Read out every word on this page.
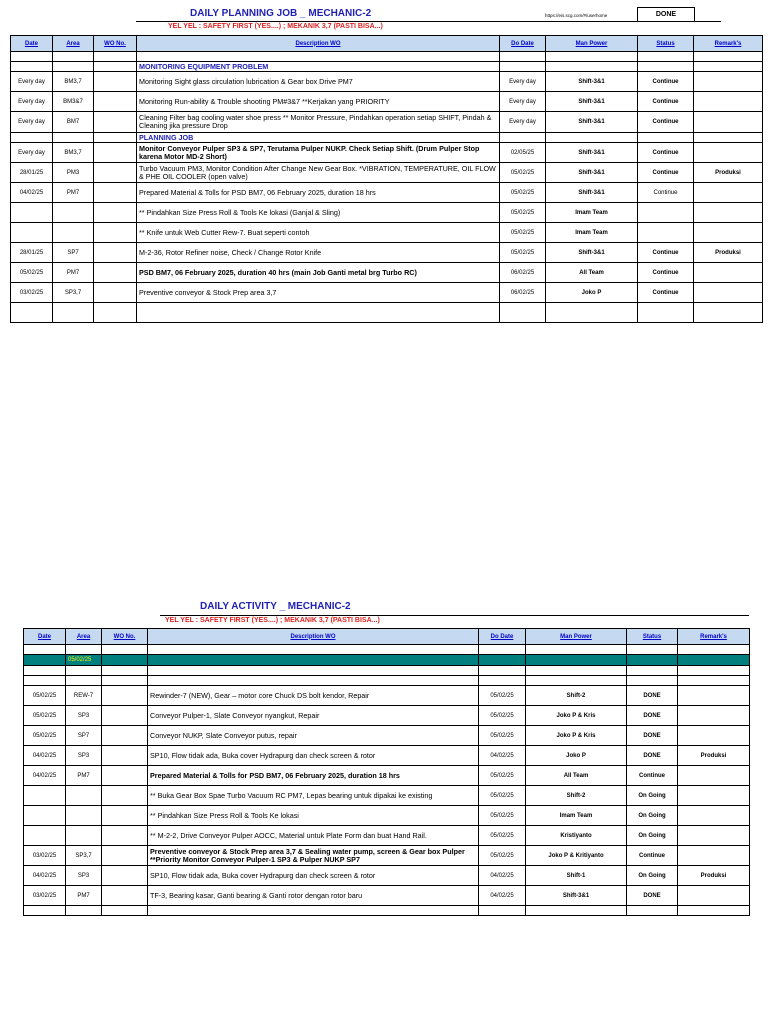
DAILY PLANNING JOB _ MECHANIC-2
YEL YEL : SAFETY FIRST (YES....) ; MEKANIK 3,7 (PASTI BISA...)
https://eis.scg.com/#/userhome	DONE
Date	Area	WO No.	Description WO	Do Date	Man Power	Status	Remark's

			MONITORING EQUIPMENT PROBLEM				
Every day	BM3,7		Monitoring Sight glass circulation lubrication & Gear box Drive PM7	Every day	Shift-3&1	Continue	
Every day	BM3&7		Monitoring Run-ability & Trouble shooting PM#3&7 **Kerjakan yang PRIORITY	Every day	Shift-3&1	Continue	
Every day	BM7		Cleaning Filter bag cooling water shoe press ** Monitor Pressure, Pindahkan operation setiap SHIFT, Pindah & Cleaning jika pressure Drop	Every day	Shift-3&1	Continue	
			PLANNING JOB				
Every day	BM3,7		Monitor Conveyor Pulper SP3 & SP7, Terutama Pulper NUKP. Check Setiap Shift. (Drum Pulper Stop karena Motor MD-2 Short)	02/05/25	Shift-3&1	Continue	
28/01/25	PM3		Turbo Vacuum PM3, Monitor Condition After Change New Gear Box. *VIBRATION, TEMPERATURE, OIL FLOW & PHE OIL COOLER (open valve)	05/02/25	Shift-3&1	Continue	Produksi
04/02/25	PM7		Prepared Material & Tolls for PSD BM7, 06 February 2025, duration 18 hrs	05/02/25	Shift-3&1	Continue	
			** Pindahkan Size Press Roll & Tools Ke lokasi (Ganjal & Sling)	05/02/25	Imam Team		
			** Knife untuk Web Cutter Rew-7. Buat seperti contoh	05/02/25	Imam Team		
28/01/25	SP7		M-2-36, Rotor Refiner noise, Check / Change Rotor Knife	05/02/25	Shift-3&1	Continue	Produksi
05/02/25	PM7		PSD BM7, 06 February 2025, duration 40 hrs (main Job Ganti metal brg Turbo RC)	06/02/25	All Team	Continue	
03/02/25	SP3,7		Preventive conveyor & Stock Prep area 3,7	06/02/25	Joko P	Continue	

DAILY ACTIVITY _ MECHANIC-2
YEL YEL : SAFETY FIRST (YES....) ; MEKANIK 3,7 (PASTI BISA...)
Date	Area	WO No.	Description WO	Do Date	Man Power	Status	Remark's

	05/02/25						

05/02/25	REW-7		Rewinder-7 (NEW), Gear – motor core Chuck DS bolt kendor, Repair	05/02/25	Shift-2	DONE	
05/02/25	SP3		Conveyor Pulper-1, Slate Conveyor nyangkut, Repair	05/02/25	Joko P & Kris	DONE	
05/02/25	SP7		Conveyor NUKP, Slate Conveyor putus, repair	05/02/25	Joko P & Kris	DONE	
04/02/25	SP3		SP10, Flow tidak ada, Buka cover Hydrapurg dan check screen & rotor	04/02/25	Joko P	DONE	Produksi
04/02/25	PM7		Prepared Material & Tolls for PSD BM7, 06 February 2025, duration 18 hrs	05/02/25	All Team	Continue	
			** Buka Gear Box Spae Turbo Vacuum RC PM7, Lepas bearing untuk dipakai ke existing	05/02/25	Shift-2	On Going	
			** Pindahkan Size Press Roll & Tools Ke lokasi	05/02/25	Imam Team	On Going	
			** M-2-2, Drive Conveyor Pulper AOCC, Material untuk Plate Form dan buat Hand Rail.	05/02/25	Kristiyanto	On Going	
03/02/25	SP3,7		Preventive conveyor & Stock Prep area 3,7 & Sealing water pump, screen & Gear box Pulper **Priority Monitor Conveyor Pulper-1 SP3 & Pulper NUKP SP7	05/02/25	Joko P & Kritiyanto	Continue	
04/02/25	SP3		SP10, Flow tidak ada, Buka cover Hydrapurg dan check screen & rotor	04/02/25	Shift-1	On Going	Produksi
03/02/25	PM7		TF-3, Bearing kasar, Ganti bearing & Ganti rotor dengan rotor baru	04/02/25	Shift-3&1	DONE	
